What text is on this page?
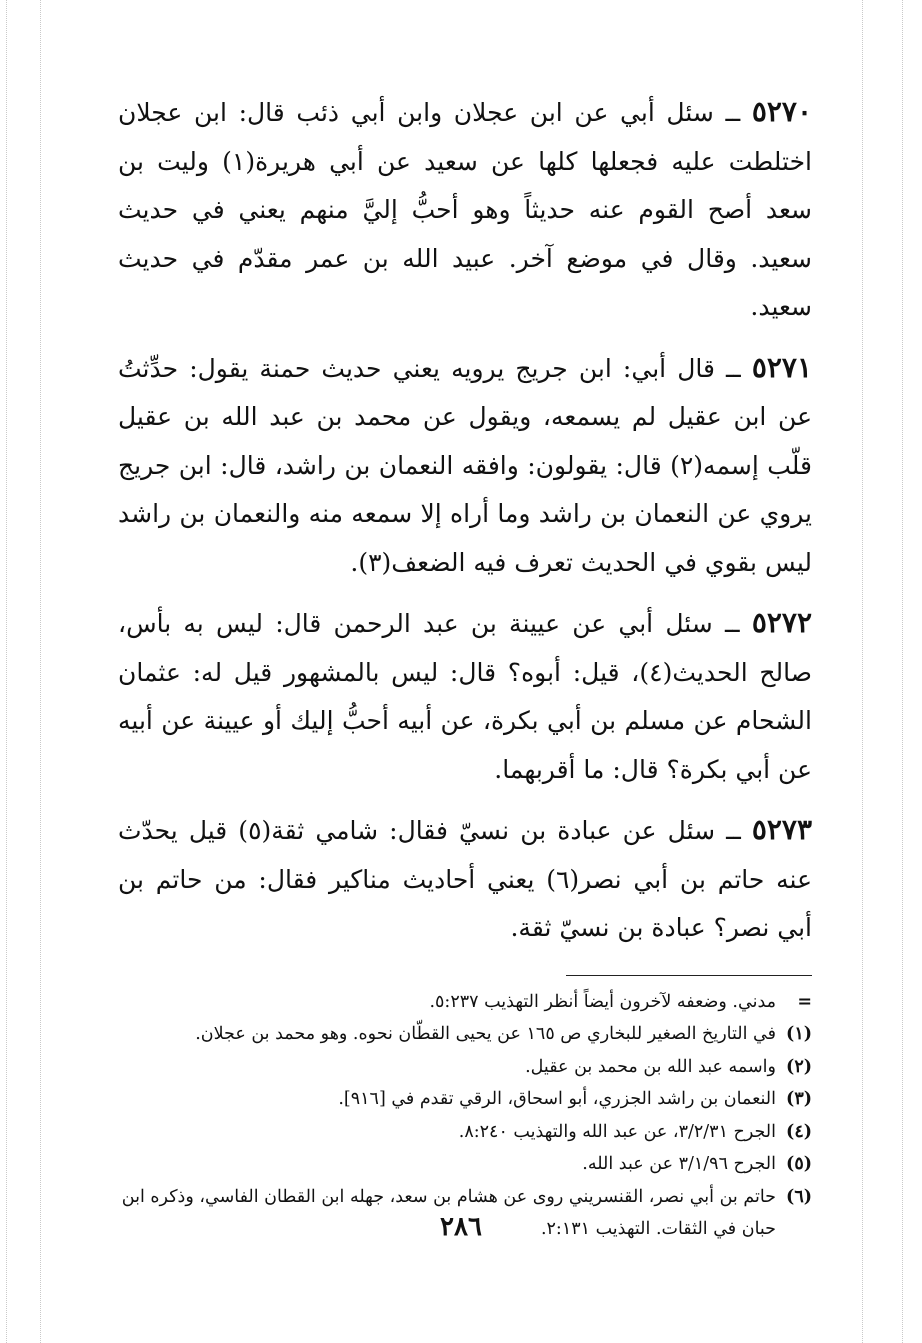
٥٢٧٠ ــ سئل أبي عن ابن عجلان وابن أبي ذئب قال: ابن عجلان اختلطت عليه فجعلها كلها عن سعيد عن أبي هريرة(١) وليت بن سعد أصح القوم عنه حديثاً وهو أحبُّ إليَّ منهم يعني في حديث سعيد. وقال في موضع آخر. عبيد الله بن عمر مقدّم في حديث سعيد.

٥٢٧١ ــ قال أبي: ابن جريج يرويه يعني حديث حمنة يقول: حدِّثتُ عن ابن عقيل لم يسمعه، ويقول عن محمد بن عبد الله بن عقيل قلّب إسمه(٢) قال: يقولون: وافقه النعمان بن راشد، قال: ابن جريج يروي عن النعمان بن راشد وما أراه إلا سمعه منه والنعمان بن راشد ليس بقوي في الحديث تعرف فيه الضعف(٣).

٥٢٧٢ ــ سئل أبي عن عيينة بن عبد الرحمن قال: ليس به بأس، صالح الحديث(٤)، قيل: أبوه؟ قال: ليس بالمشهور قيل له: عثمان الشحام عن مسلم بن أبي بكرة، عن أبيه أحبُّ إليك أو عيينة عن أبيه عن أبي بكرة؟ قال: ما أقربهما.

٥٢٧٣ ــ سئل عن عبادة بن نسيّ فقال: شامي ثقة(٥) قيل يحدّث عنه حاتم بن أبي نصر(٦) يعني أحاديث مناكير فقال: من حاتم بن أبي نصر؟ عبادة بن نسيّ ثقة.

=
مدني. وضعفه لآخرون أيضاً أنظر التهذيب ٥:٢٣٧.
(١)
في التاريخ الصغير للبخاري ص ١٦٥ عن يحيى القطّان نحوه. وهو محمد بن عجلان.
(٢)
واسمه عبد الله بن محمد بن عقيل.
(٣)
النعمان بن راشد الجزري، أبو اسحاق، الرقي تقدم في [٩١٦].
(٤)
الجرح ٣/٢/٣١، عن عبد الله والتهذيب ٨:٢٤٠.
(٥)
الجرح ٣/١/٩٦ عن عبد الله.
(٦)
حاتم بن أبي نصر، القنسريني روى عن هشام بن سعد، جهله ابن القطان الفاسي، وذكره ابن حبان في الثقات. التهذيب ٢:١٣١.
٢٨٦
